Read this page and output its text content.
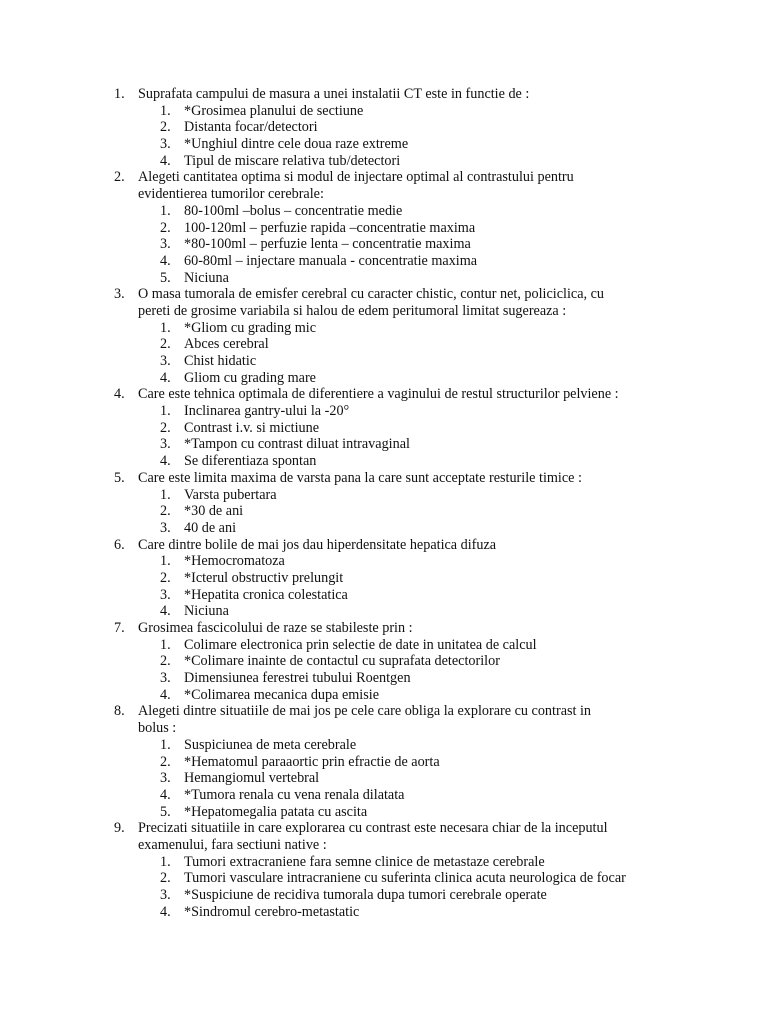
1. Suprafata campului de masura a unei instalatii CT este in functie de :
1. *Grosimea planului de sectiune
2. Distanta focar/detectori
3. *Unghiul dintre cele doua raze extreme
4. Tipul de miscare relativa tub/detectori
2. Alegeti cantitatea optima si modul de injectare optimal al contrastului pentru
evidentierea tumorilor cerebrale:
1. 80-100ml –bolus – concentratie medie
2. 100-120ml – perfuzie rapida –concentratie maxima
3. *80-100ml – perfuzie lenta – concentratie maxima
4. 60-80ml – injectare manuala - concentratie maxima
5. Niciuna
3. O masa tumorala de emisfer cerebral cu caracter chistic, contur net, policiclica, cu
pereti de grosime variabila si halou de edem peritumoral limitat sugereaza :
1. *Gliom cu grading mic
2. Abces cerebral
3. Chist hidatic
4. Gliom cu grading mare
4. Care este tehnica optimala de diferentiere a vaginului de restul structurilor pelviene :
1. Inclinarea gantry-ului la -20°
2. Contrast i.v. si mictiune
3. *Tampon cu contrast diluat intravaginal
4. Se diferentiaza spontan
5. Care este limita maxima de varsta pana la care sunt acceptate resturile timice :
1. Varsta pubertara
2. *30 de ani
3. 40 de ani
6. Care dintre bolile de mai jos dau hiperdensitate hepatica difuza
1. *Hemocromatoza
2. *Icterul obstructiv prelungit
3. *Hepatita cronica colestatica
4. Niciuna
7. Grosimea fascicolului de raze se stabileste prin :
1. Colimare electronica prin selectie de date in unitatea de calcul
2. *Colimare inainte de contactul cu suprafata detectorilor
3. Dimensiunea ferestrei tubului Roentgen
4. *Colimarea mecanica dupa emisie
8. Alegeti dintre situatiile de mai jos pe cele care obliga la explorare cu contrast in
bolus :
1. Suspiciunea de meta cerebrale
2. *Hematomul paraaortic prin efractie de aorta
3. Hemangiomul vertebral
4. *Tumora renala cu vena renala dilatata
5. *Hepatomegalia patata cu ascita
9. Precizati situatiile in care explorarea cu contrast este necesara chiar de la inceputul
examenului, fara sectiuni native :
1. Tumori extracraniene fara semne clinice de metastaze cerebrale
2. Tumori vasculare intracraniene cu suferinta clinica acuta neurologica de focar
3. *Suspiciune de recidiva tumorala dupa tumori cerebrale operate
4. *Sindromul cerebro-metastatic
